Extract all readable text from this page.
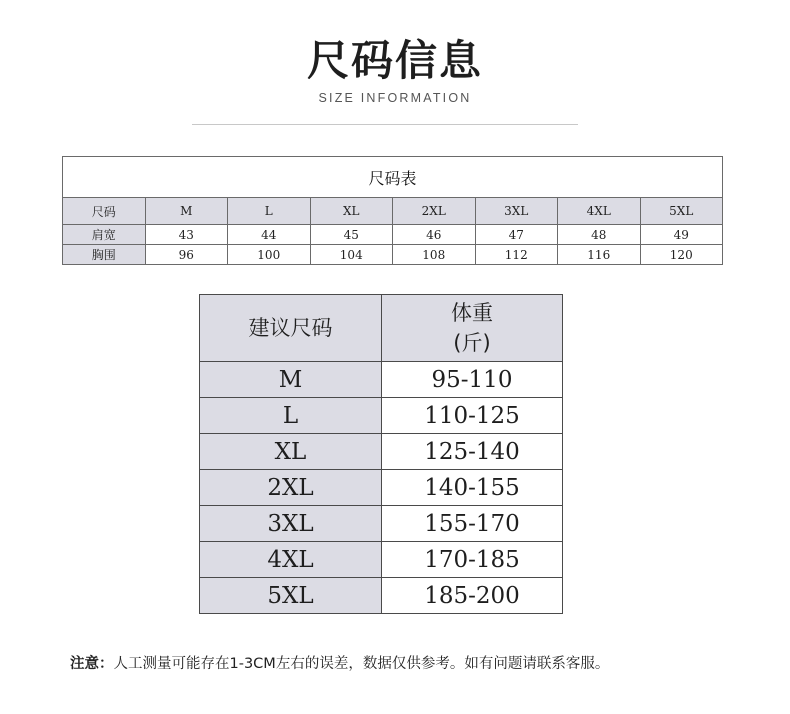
尺码信息
SIZE INFORMATION
尺码表							
尺码	M	L	XL	2XL	3XL	4XL	5XL
肩宽	43	44	45	46	47	48	49
胸围	96	100	104	108	112	116	120
建议尺码	体重
(斤)
M	95-110
L	110-125
XL	125-140
2XL	140-155
3XL	155-170
4XL	170-185
5XL	185-200
注意：人工测量可能存在1-3CM左右的误差，数据仅供参考。如有问题请联系客服。
